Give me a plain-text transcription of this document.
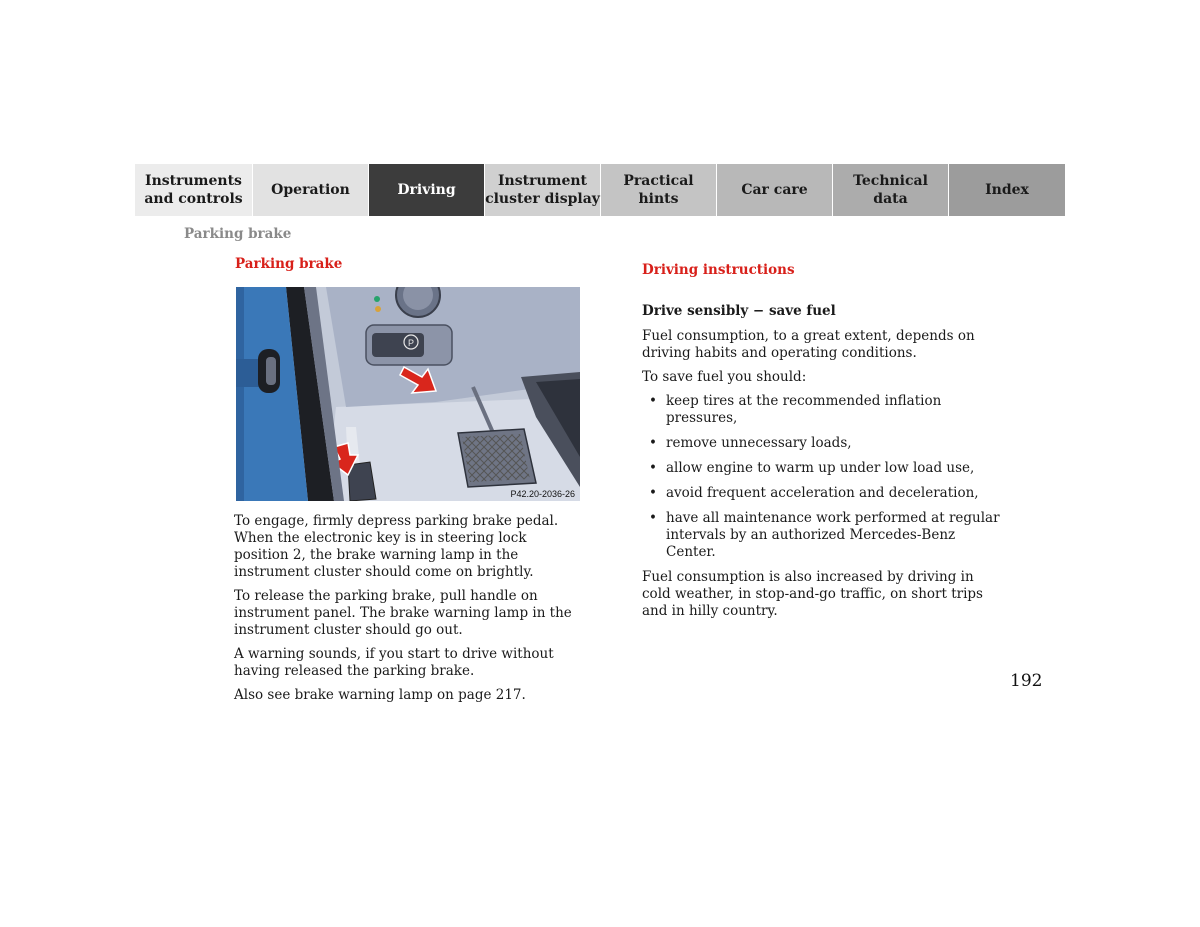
Instruments
and controls
Operation	Driving
Instrument
cluster display
Practical hints
Car care
Technical
data
Index
Parking brake
Parking brake
P
P42.20-2036-26

To engage, firmly depress parking brake pedal. When the electronic key is in steering lock position 2, the brake warning lamp in the instrument cluster should come on brightly.

To release the parking brake, pull handle on instrument panel. The brake warning lamp in the instrument cluster should go out.

A warning sounds, if you start to drive without having released the parking brake.

Also see brake warning lamp on page 217.

Driving instructions

Drive sensibly − save fuel

Fuel consumption, to a great extent, depends on driving habits and operating conditions.

To save fuel you should:

• keep tires at the recommended inflation pressures,
• remove unnecessary loads,
• allow engine to warm up under low load use,
• avoid frequent acceleration and deceleration,
• have all maintenance work performed at regular intervals by an authorized Mercedes-Benz Center.

Fuel consumption is also increased by driving in cold weather, in stop-and-go traffic, on short trips and in hilly country.

192
